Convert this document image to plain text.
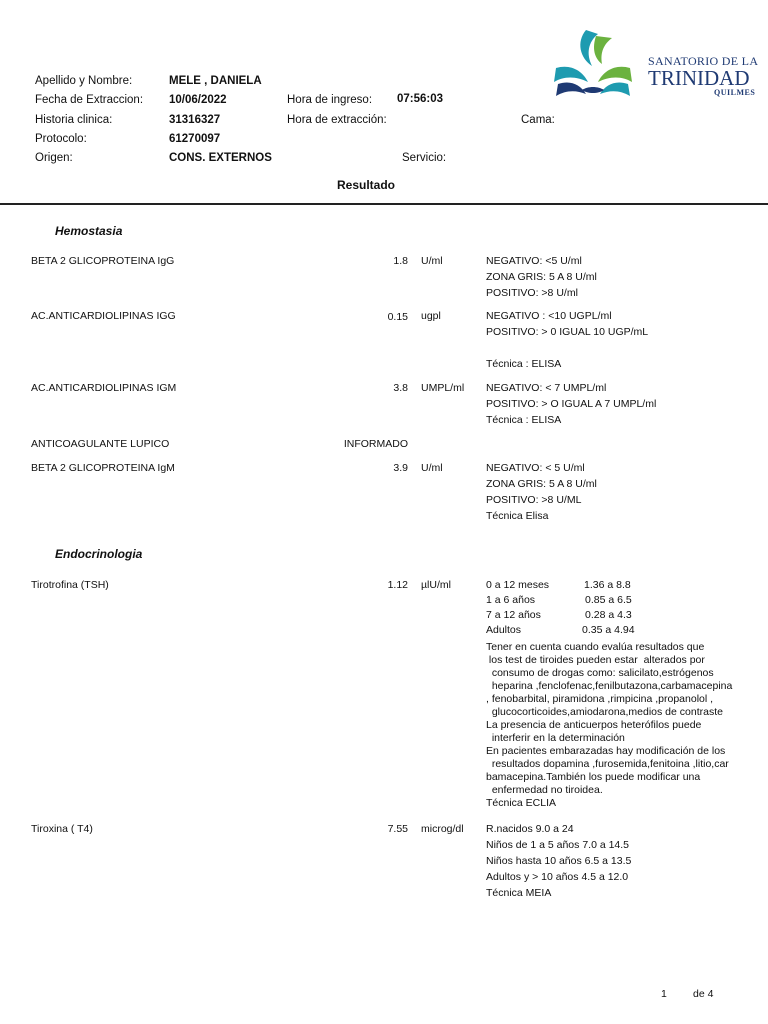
SANATORIO DE LA
TRINIDAD
QUILMES
Apellido y Nombre:	MELE , DANIELA
Fecha de Extraccion: 10/06/2022	Hora de ingreso: 07:56:03
Historia clinica:	31316327	Hora de extracción:	Cama:
Protocolo:	61270097
Origen:	CONS. EXTERNOS	Servicio:
Resultado
Hemostasia
BETA 2 GLICOPROTEINA IgG	1.8 U/ml	NEGATIVO: <5 U/ml
ZONA GRIS: 5 A 8 U/ml
POSITIVO: >8 U/ml
AC.ANTICARDIOLIPINAS IGG	0.15 ugpl	NEGATIVO : <10 UGPL/ml
POSITIVO: > 0 IGUAL 10 UGP/mL
Técnica : ELISA
AC.ANTICARDIOLIPINAS IGM	3.8 UMPL/ml NEGATIVO: < 7 UMPL/ml
POSITIVO: > O IGUAL A 7 UMPL/ml
Técnica : ELISA
ANTICOAGULANTE LUPICO	INFORMADO
BETA 2 GLICOPROTEINA IgM	3.9 U/ml	NEGATIVO: < 5 U/ml
ZONA GRIS: 5 A 8 U/ml
POSITIVO: >8 U/ML
Técnica Elisa
Endocrinologia
Tirotrofina (TSH)	1.12 µlU/ml	0 a 12 meses	1.36 a 8.8
1 a 6 años	0.85 a 6.5
7 a 12 años	0.28 a 4.3
Adultos	0.35 a 4.94
Tener en cuenta cuando evalúa resultados que
los test de tiroides pueden estar  alterados por
consumo de drogas como: salicilato,estrógenos
heparina ,fenclofenac,fenilbutazona,carbamacepina
, fenobarbital, piramidona ,rimpicina ,propanolol ,
glucocorticoides,amiodarona,medios de contraste
La presencia de anticuerpos heterófilos puede
interferir en la determinación
En pacientes embarazadas hay modificación de los
resultados dopamina ,furosemida,fenitoina ,litio,car
bamacepina.También los puede modificar una
enfermedad no tiroidea.
Técnica ECLIA
Tiroxina ( T4)	7.55 microg/dl R.nacidos 9.0 a 24
Niños de 1 a 5 años 7.0 a 14.5
Niños hasta 10 años 6.5 a 13.5
Adultos y > 10 años 4.5 a 12.0
Técnica MEIA
1 de 4
